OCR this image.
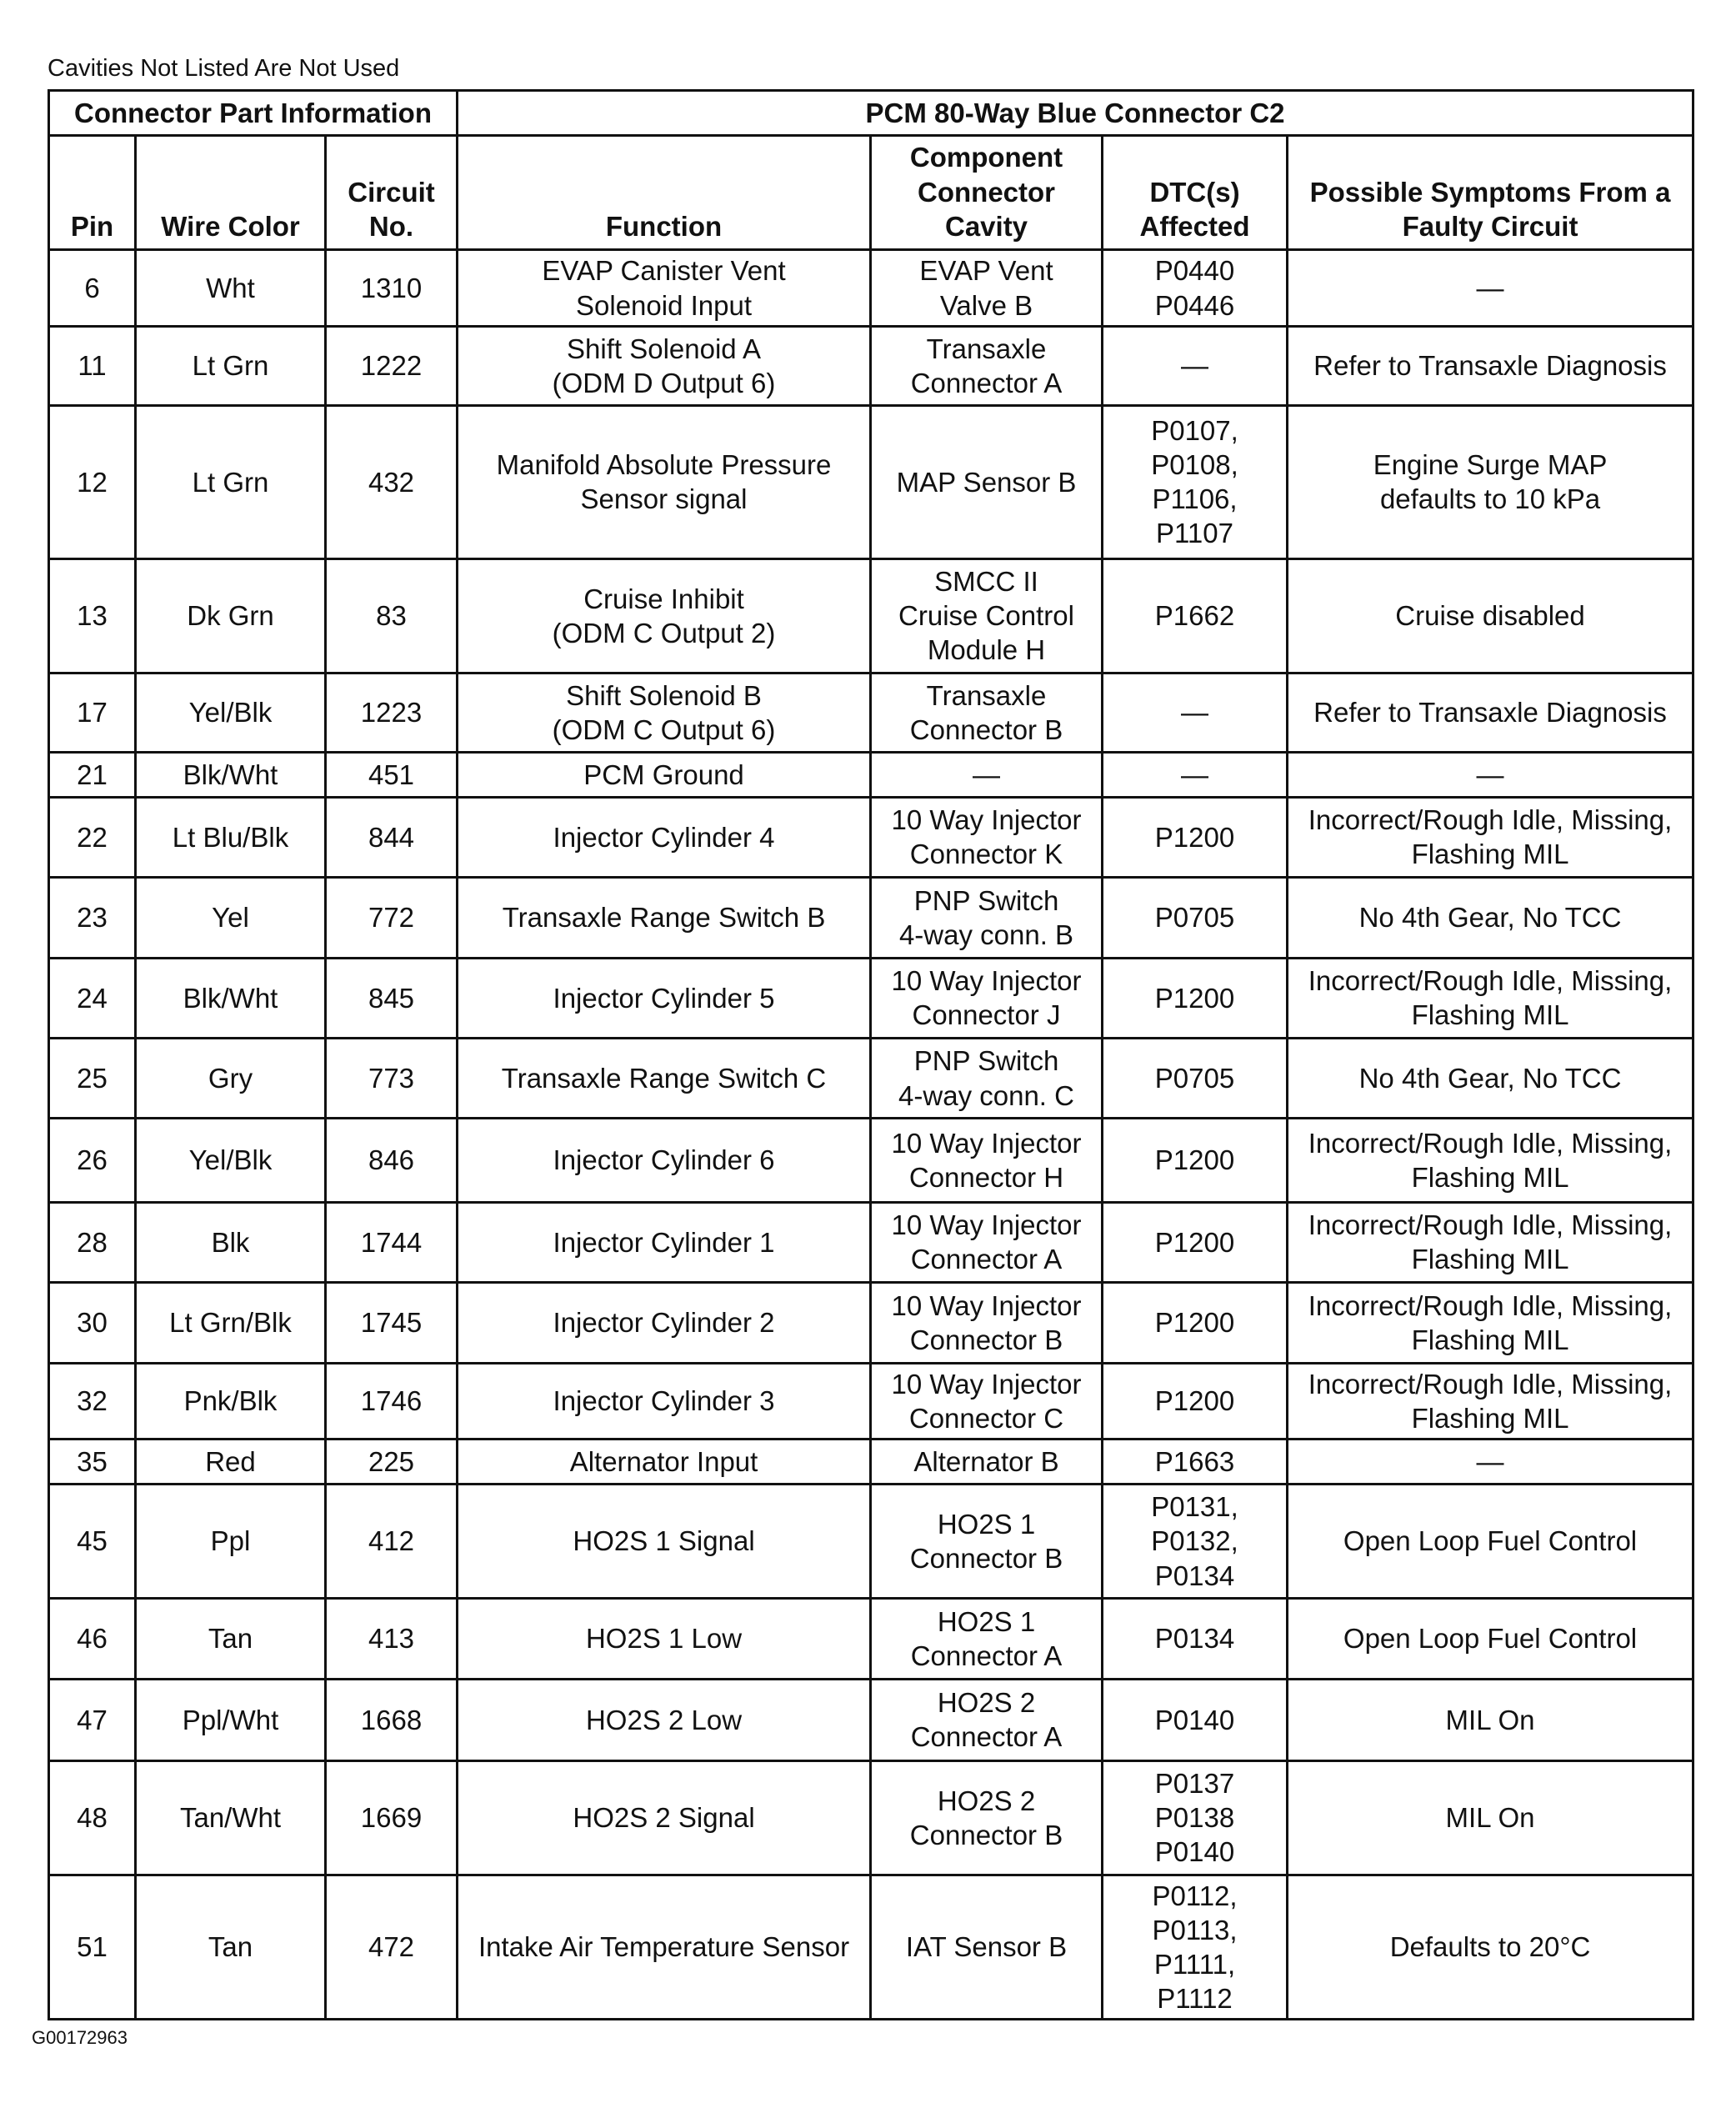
Cavities Not Listed Are Not Used
Connector Part Information			PCM 80-Way Blue Connector C2			
Pin	Wire Color	Circuit No.	Function	Component Connector Cavity	DTC(s) Affected	Possible Symptoms From a Faulty Circuit
6	Wht	1310	EVAP Canister Vent
Solenoid Input	EVAP Vent
Valve B	P0440
P0446	—

11	Lt Grn	1222	Shift Solenoid A
(ODM D Output 6)	Transaxle
Connector A	—	Refer to Transaxle Diagnosis

12	Lt Grn	432	Manifold Absolute Pressure
Sensor signal	MAP Sensor B	P0107,
P0108,
P1106,
P1107	Engine Surge MAP
defaults to 10 kPa

13	Dk Grn	83	Cruise Inhibit
(ODM C Output 2)	SMCC II
Cruise Control
Module H	P1662	Cruise disabled

17	Yel/Blk	1223	Shift Solenoid B
(ODM C Output 6)	Transaxle
Connector B	—	Refer to Transaxle Diagnosis

21	Blk/Wht	451	PCM Ground	—	—	—

22	Lt Blu/Blk	844	Injector Cylinder 4	10 Way Injector
Connector K	P1200	Incorrect/Rough Idle, Missing,
Flashing MIL

23	Yel	772	Transaxle Range Switch B	PNP Switch
4-way conn. B	P0705	No 4th Gear, No TCC

24	Blk/Wht	845	Injector Cylinder 5	10 Way Injector
Connector J	P1200	Incorrect/Rough Idle, Missing,
Flashing MIL

25	Gry	773	Transaxle Range Switch C	PNP Switch
4-way conn. C	P0705	No 4th Gear, No TCC

26	Yel/Blk	846	Injector Cylinder 6	10 Way Injector
Connector H	P1200	Incorrect/Rough Idle, Missing,
Flashing MIL

28	Blk	1744	Injector Cylinder 1	10 Way Injector
Connector A	P1200	Incorrect/Rough Idle, Missing,
Flashing MIL

30	Lt Grn/Blk	1745	Injector Cylinder 2	10 Way Injector
Connector B	P1200	Incorrect/Rough Idle, Missing,
Flashing MIL

32	Pnk/Blk	1746	Injector Cylinder 3	10 Way Injector
Connector C	P1200	Incorrect/Rough Idle, Missing,
Flashing MIL

35	Red	225	Alternator Input	Alternator B	P1663	—

45	Ppl	412	HO2S 1 Signal	HO2S 1
Connector B	P0131,
P0132,
P0134	Open Loop Fuel Control

46	Tan	413	HO2S 1 Low	HO2S 1
Connector A	P0134	Open Loop Fuel Control

47	Ppl/Wht	1668	HO2S 2 Low	HO2S 2
Connector A	P0140	MIL On

48	Tan/Wht	1669	HO2S 2 Signal	HO2S 2
Connector B	P0137
P0138
P0140	MIL On

51	Tan	472	Intake Air Temperature Sensor	IAT Sensor B	P0112,
P0113,
P1111,
P1112	Defaults to 20°C
G00172963
